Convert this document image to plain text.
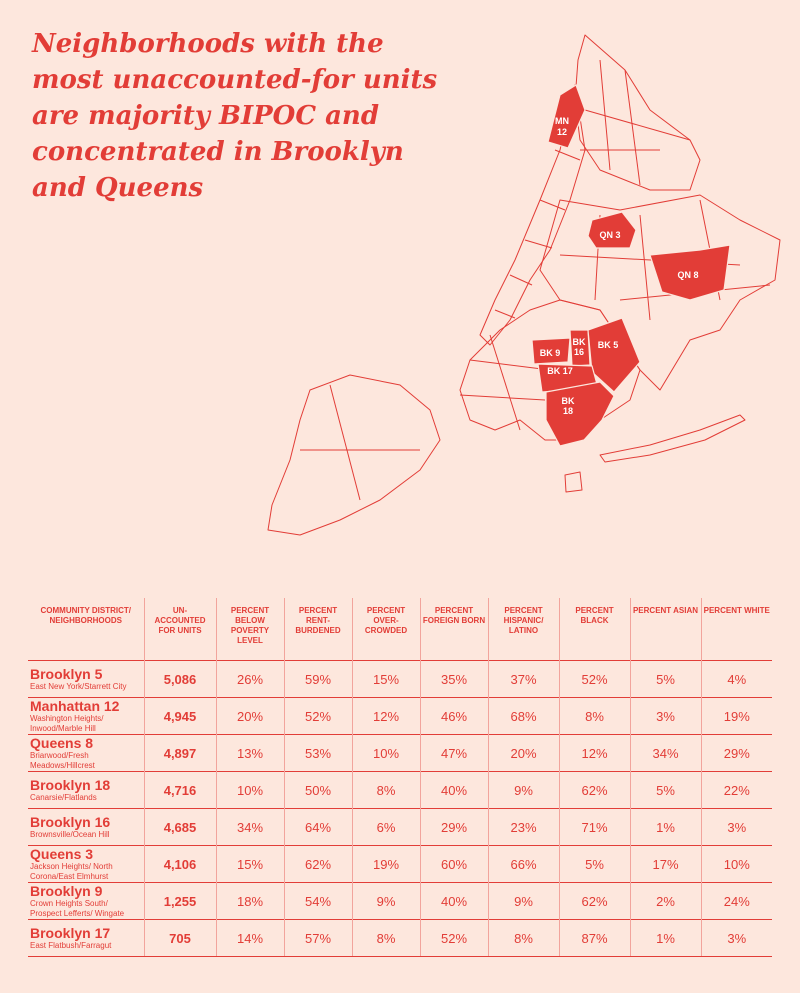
Neighborhoods with the
most unaccounted-for units
are majority BIPOC and
concentrated in Brooklyn
and Queens
MN
12
QN 3
QN 8
BK 9
BK
16
BK 5
BK 17
BK
18
COMMUNITY DISTRICT/ NEIGHBORHOODS	UN- ACCOUNTED FOR UNITS	PERCENT BELOW POVERTY LEVEL	PERCENT RENT- BURDENED	PERCENT OVER- CROWDED	PERCENT FOREIGN BORN	PERCENT HISPANIC/ LATINO	PERCENT BLACK	PERCENT ASIAN	PERCENT WHITE

Brooklyn 5
East New York/Starrett City	5,086	26%	59%	15%	35%	37%	52%	5%	4%

Manhattan 12
Washington Heights/ Inwood/Marble Hill	4,945	20%	52%	12%	46%	68%	8%	3%	19%

Queens 8
Briarwood/Fresh Meadows/Hillcrest	4,897	13%	53%	10%	47%	20%	12%	34%	29%

Brooklyn 18
Canarsie/Flatlands	4,716	10%	50%	8%	40%	9%	62%	5%	22%

Brooklyn 16
Brownsville/Ocean Hill	4,685	34%	64%	6%	29%	23%	71%	1%	3%

Queens 3
Jackson Heights/ North Corona/East Elmhurst	4,106	15%	62%	19%	60%	66%	5%	17%	10%

Brooklyn 9
Crown Heights South/ Prospect Lefferts/ Wingate	1,255	18%	54%	9%	40%	9%	62%	2%	24%

Brooklyn 17
East Flatbush/Farragut	705	14%	57%	8%	52%	8%	87%	1%	3%
